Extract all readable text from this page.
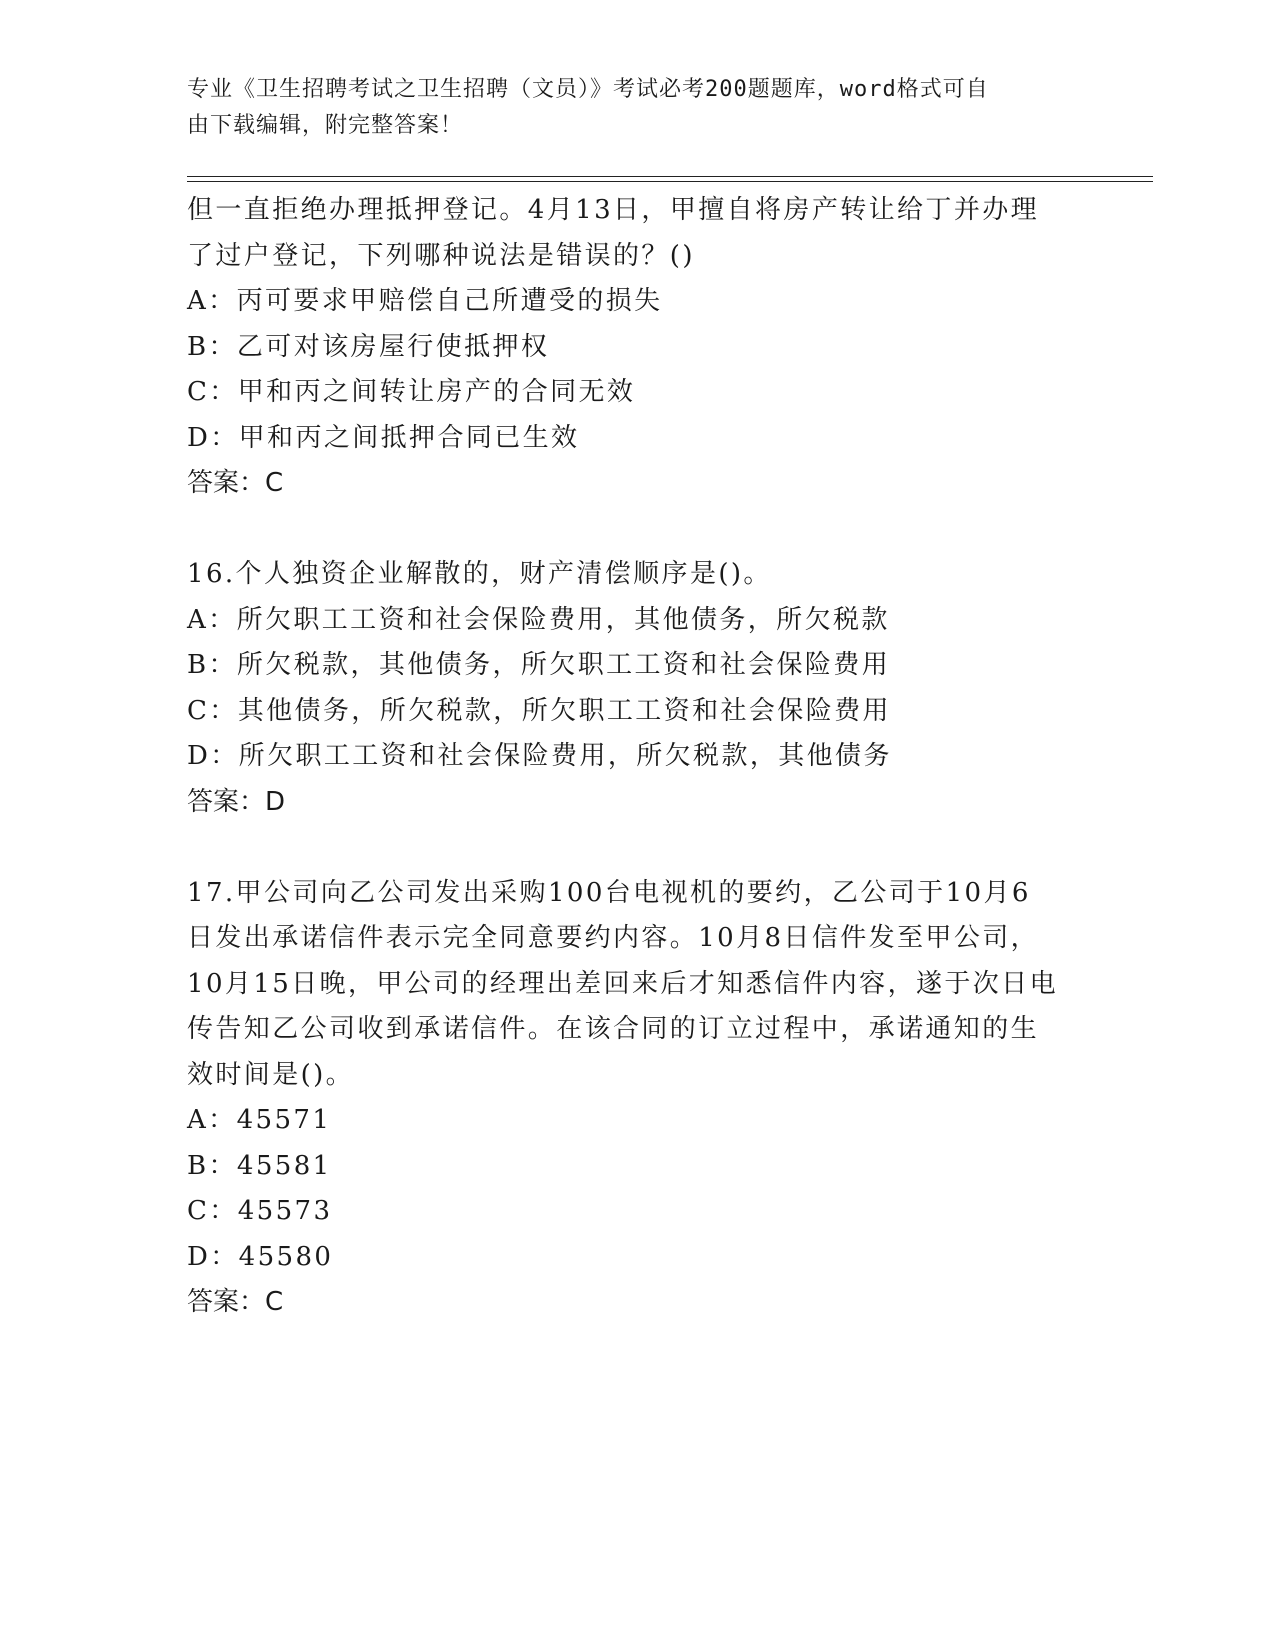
专业《卫生招聘考试之卫生招聘（文员）》考试必考200题题库，word格式可自
由下载编辑，附完整答案！
但一直拒绝办理抵押登记。4月13日，甲擅自将房产转让给丁并办理
了过户登记，下列哪种说法是错误的？()
A：丙可要求甲赔偿自己所遭受的损失
B：乙可对该房屋行使抵押权
C：甲和丙之间转让房产的合同无效
D：甲和丙之间抵押合同已生效
答案：C
16.个人独资企业解散的，财产清偿顺序是()。
A：所欠职工工资和社会保险费用，其他债务，所欠税款
B：所欠税款，其他债务，所欠职工工资和社会保险费用
C：其他债务，所欠税款，所欠职工工资和社会保险费用
D：所欠职工工资和社会保险费用，所欠税款，其他债务
答案：D
17.甲公司向乙公司发出采购100台电视机的要约，乙公司于10月6
日发出承诺信件表示完全同意要约内容。10月8日信件发至甲公司，
10月15日晚，甲公司的经理出差回来后才知悉信件内容，遂于次日电
传告知乙公司收到承诺信件。在该合同的订立过程中，承诺通知的生
效时间是()。
A：45571
B：45581
C：45573
D：45580
答案：C
